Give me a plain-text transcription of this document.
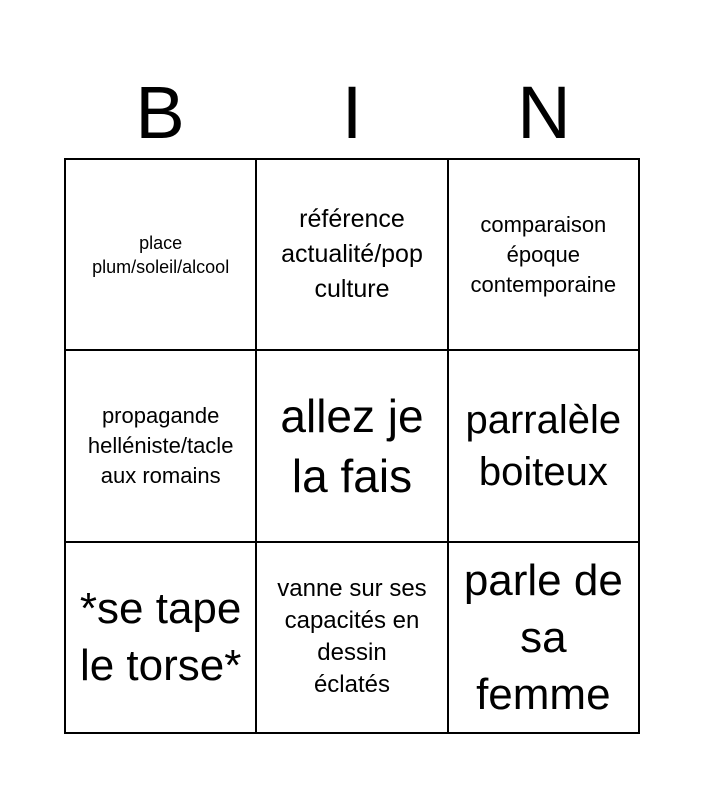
B	I	N
place plum/soleil/alcool
référence actualité/pop culture
comparaison époque contemporaine
propagande helléniste/tacle aux romains
allez je la fais
parralèle boiteux
*se tape le torse*
vanne sur ses capacités en dessin éclatés
parle de sa femme
